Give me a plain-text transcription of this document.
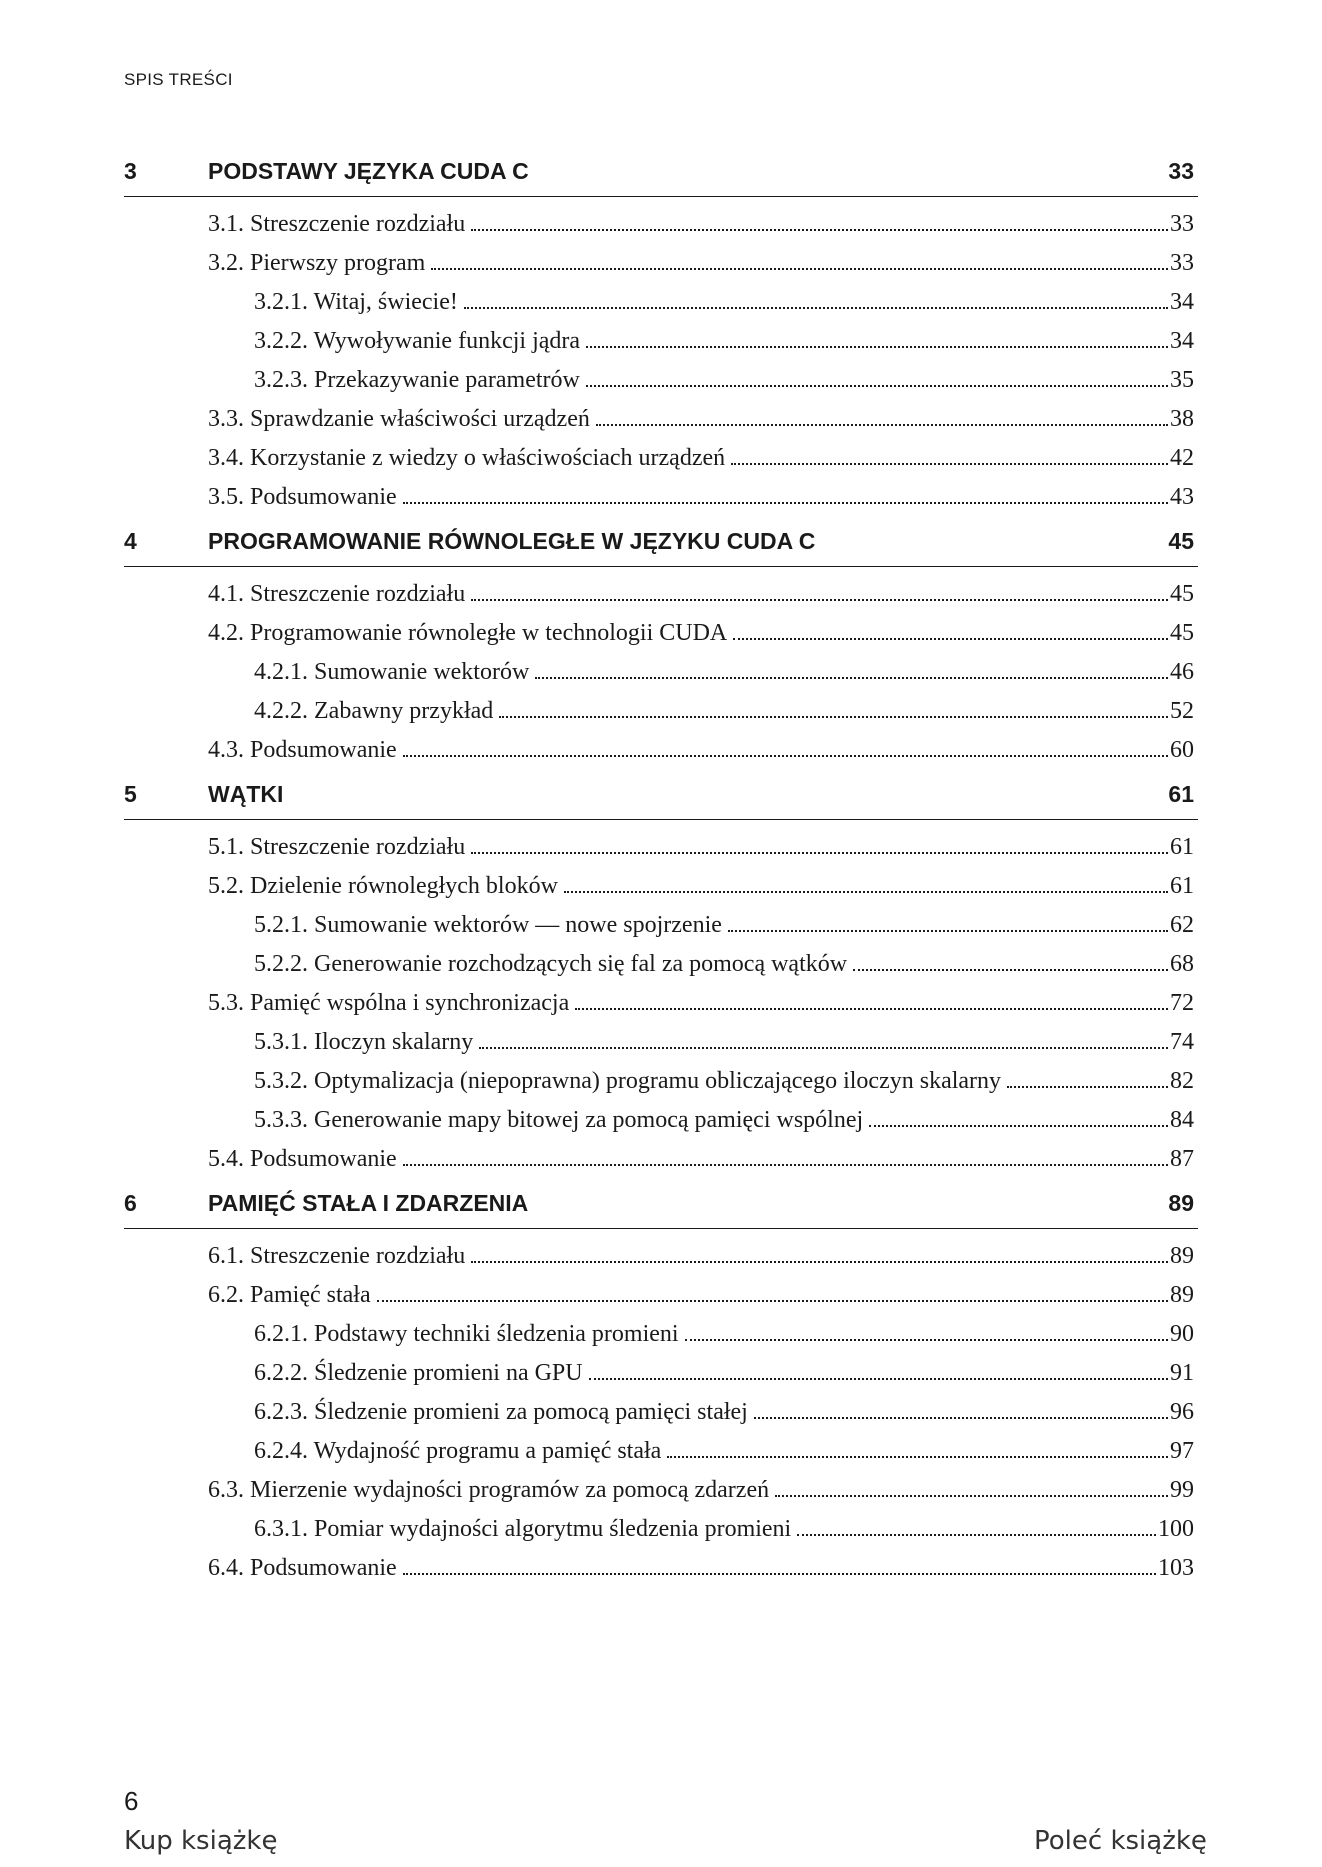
SPIS TREŚCI
3	PODSTAWY JĘZYKA CUDA C	33
3.1. Streszczenie rozdziału	33
3.2. Pierwszy program	33
3.2.1. Witaj, świecie!	34
3.2.2. Wywoływanie funkcji jądra	34
3.2.3. Przekazywanie parametrów	35
3.3. Sprawdzanie właściwości urządzeń	38
3.4. Korzystanie z wiedzy o właściwościach urządzeń	42
3.5. Podsumowanie	43
4	PROGRAMOWANIE RÓWNOLEGŁE W JĘZYKU CUDA C	45
4.1. Streszczenie rozdziału	45
4.2. Programowanie równoległe w technologii CUDA	45
4.2.1. Sumowanie wektorów	46
4.2.2. Zabawny przykład	52
4.3. Podsumowanie	60
5	WĄTKI	61
5.1. Streszczenie rozdziału	61
5.2. Dzielenie równoległych bloków	61
5.2.1. Sumowanie wektorów — nowe spojrzenie	62
5.2.2. Generowanie rozchodzących się fal za pomocą wątków	68
5.3. Pamięć wspólna i synchronizacja	72
5.3.1. Iloczyn skalarny	74
5.3.2. Optymalizacja (niepoprawna) programu obliczającego iloczyn skalarny	82
5.3.3. Generowanie mapy bitowej za pomocą pamięci wspólnej	84
5.4. Podsumowanie	87
6	PAMIĘĆ STAŁA I ZDARZENIA	89
6.1. Streszczenie rozdziału	89
6.2. Pamięć stała	89
6.2.1. Podstawy techniki śledzenia promieni	90
6.2.2. Śledzenie promieni na GPU	91
6.2.3. Śledzenie promieni za pomocą pamięci stałej	96
6.2.4. Wydajność programu a pamięć stała	97
6.3. Mierzenie wydajności programów za pomocą zdarzeń	99
6.3.1. Pomiar wydajności algorytmu śledzenia promieni	100
6.4. Podsumowanie	103
6
Kup książkę	Poleć książkę
